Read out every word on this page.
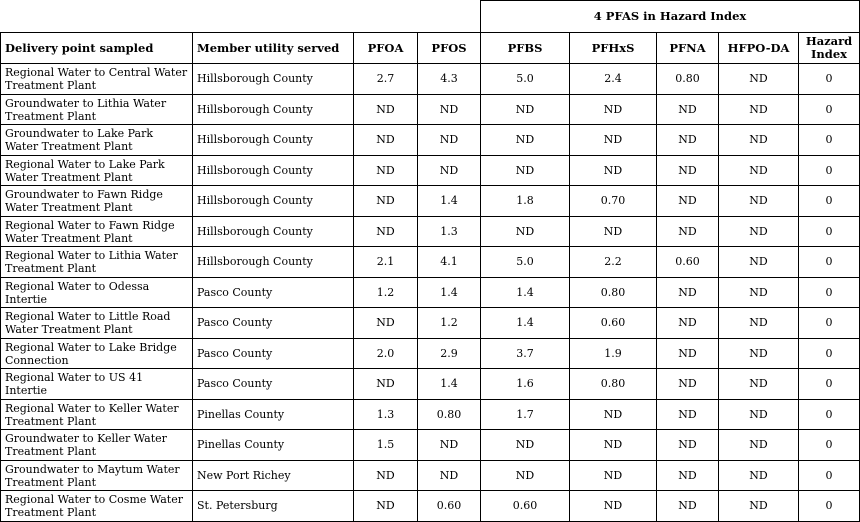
				4 PFAS in Hazard Index				
Delivery point sampled	Member utility served	PFOA	PFOS	PFBS	PFHxS	PFNA	HFPO-DA	Hazard Index
Regional Water to Central Water Treatment Plant	Hillsborough County	2.7	4.3	5.0	2.4	0.80	ND	0
Groundwater to Lithia Water Treatment Plant	Hillsborough County	ND	ND	ND	ND	ND	ND	0
Groundwater to Lake Park Water Treatment Plant	Hillsborough County	ND	ND	ND	ND	ND	ND	0
Regional Water to Lake Park Water Treatment Plant	Hillsborough County	ND	ND	ND	ND	ND	ND	0
Groundwater to Fawn Ridge Water Treatment Plant	Hillsborough County	ND	1.4	1.8	0.70	ND	ND	0
Regional Water to Fawn Ridge Water Treatment Plant	Hillsborough County	ND	1.3	ND	ND	ND	ND	0
Regional Water to Lithia Water Treatment Plant	Hillsborough County	2.1	4.1	5.0	2.2	0.60	ND	0
Regional Water to Odessa Intertie	Pasco County	1.2	1.4	1.4	0.80	ND	ND	0
Regional Water to Little Road Water Treatment Plant	Pasco County	ND	1.2	1.4	0.60	ND	ND	0
Regional Water to Lake Bridge Connection	Pasco County	2.0	2.9	3.7	1.9	ND	ND	0
Regional Water to US 41 Intertie	Pasco County	ND	1.4	1.6	0.80	ND	ND	0
Regional Water to Keller Water Treatment Plant	Pinellas County	1.3	0.80	1.7	ND	ND	ND	0
Groundwater to Keller Water Treatment Plant	Pinellas County	1.5	ND	ND	ND	ND	ND	0
Groundwater to Maytum Water Treatment Plant	New Port Richey	ND	ND	ND	ND	ND	ND	0
Regional Water to Cosme Water Treatment Plant	St. Petersburg	ND	0.60	0.60	ND	ND	ND	0
